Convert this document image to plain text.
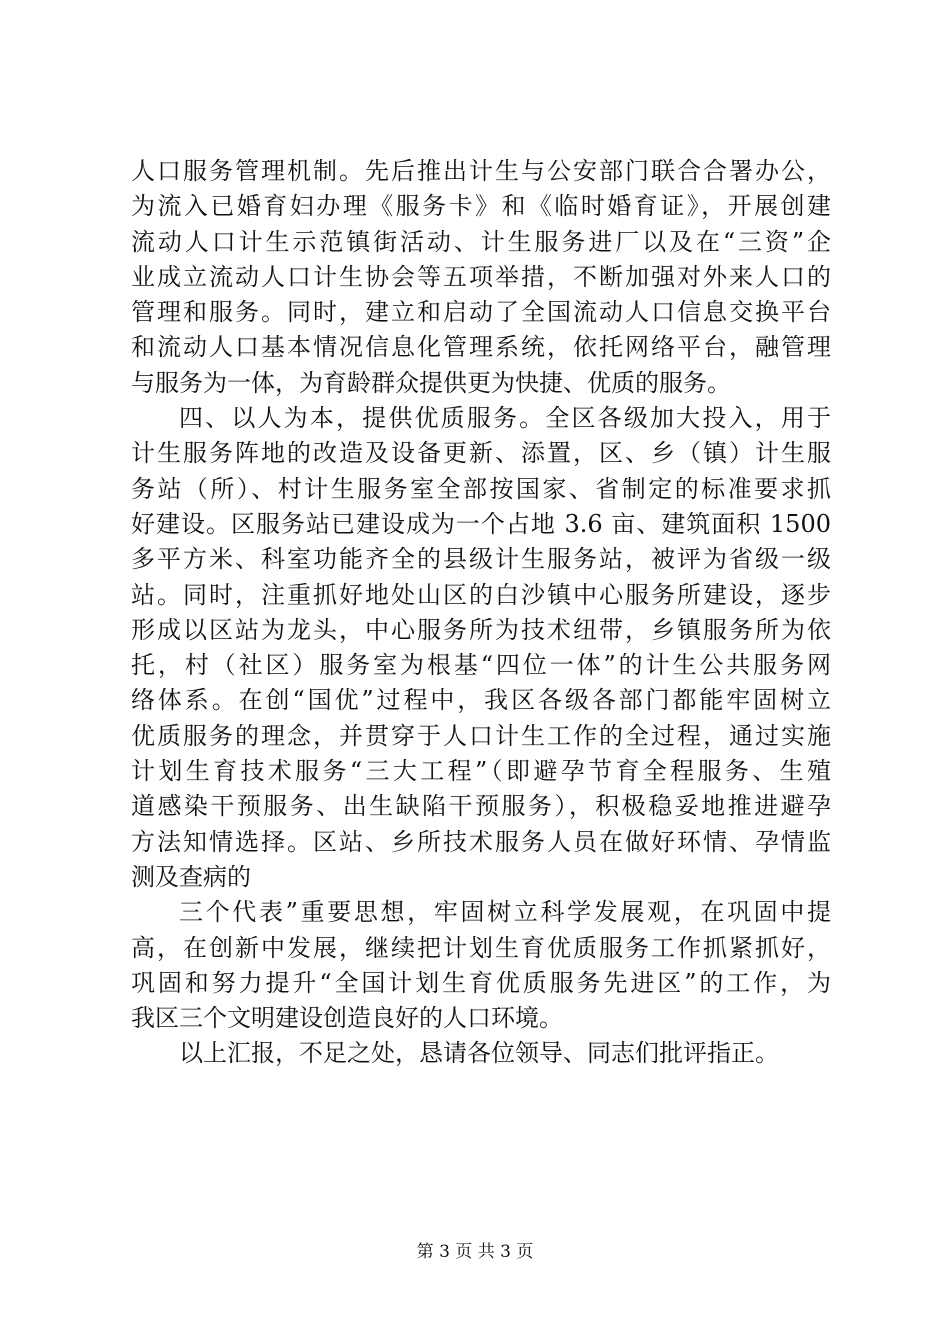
人口服务管理机制。先后推出计生与公安部门联合合署办公，
为流入已婚育妇办理《服务卡》和《临时婚育证》，开展创建
流动人口计生示范镇街活动、计生服务进厂以及在“三资”企
业成立流动人口计生协会等五项举措，不断加强对外来人口的
管理和服务。同时，建立和启动了全国流动人口信息交换平台
和流动人口基本情况信息化管理系统，依托网络平台，融管理
与服务为一体，为育龄群众提供更为快捷、优质的服务。
四、以人为本，提供优质服务。全区各级加大投入，用于
计生服务阵地的改造及设备更新、添置，区、乡（镇）计生服
务站（所）、村计生服务室全部按国家、省制定的标准要求抓
好建设。区服务站已建设成为一个占地 3.6 亩、建筑面积 1500
多平方米、科室功能齐全的县级计生服务站，被评为省级一级
站。同时，注重抓好地处山区的白沙镇中心服务所建设，逐步
形成以区站为龙头，中心服务所为技术纽带，乡镇服务所为依
托，村（社区）服务室为根基“四位一体”的计生公共服务网
络体系。在创“国优”过程中，我区各级各部门都能牢固树立
优质服务的理念，并贯穿于人口计生工作的全过程，通过实施
计划生育技术服务“三大工程”（即避孕节育全程服务、生殖
道感染干预服务、出生缺陷干预服务），积极稳妥地推进避孕
方法知情选择。区站、乡所技术服务人员在做好环情、孕情监
测及查病的
三个代表”重要思想，牢固树立科学发展观，在巩固中提
高，在创新中发展，继续把计划生育优质服务工作抓紧抓好，
巩固和努力提升“全国计划生育优质服务先进区”的工作，为
我区三个文明建设创造良好的人口环境。
以上汇报，不足之处，恳请各位领导、同志们批评指正。
第 3 页 共 3 页
